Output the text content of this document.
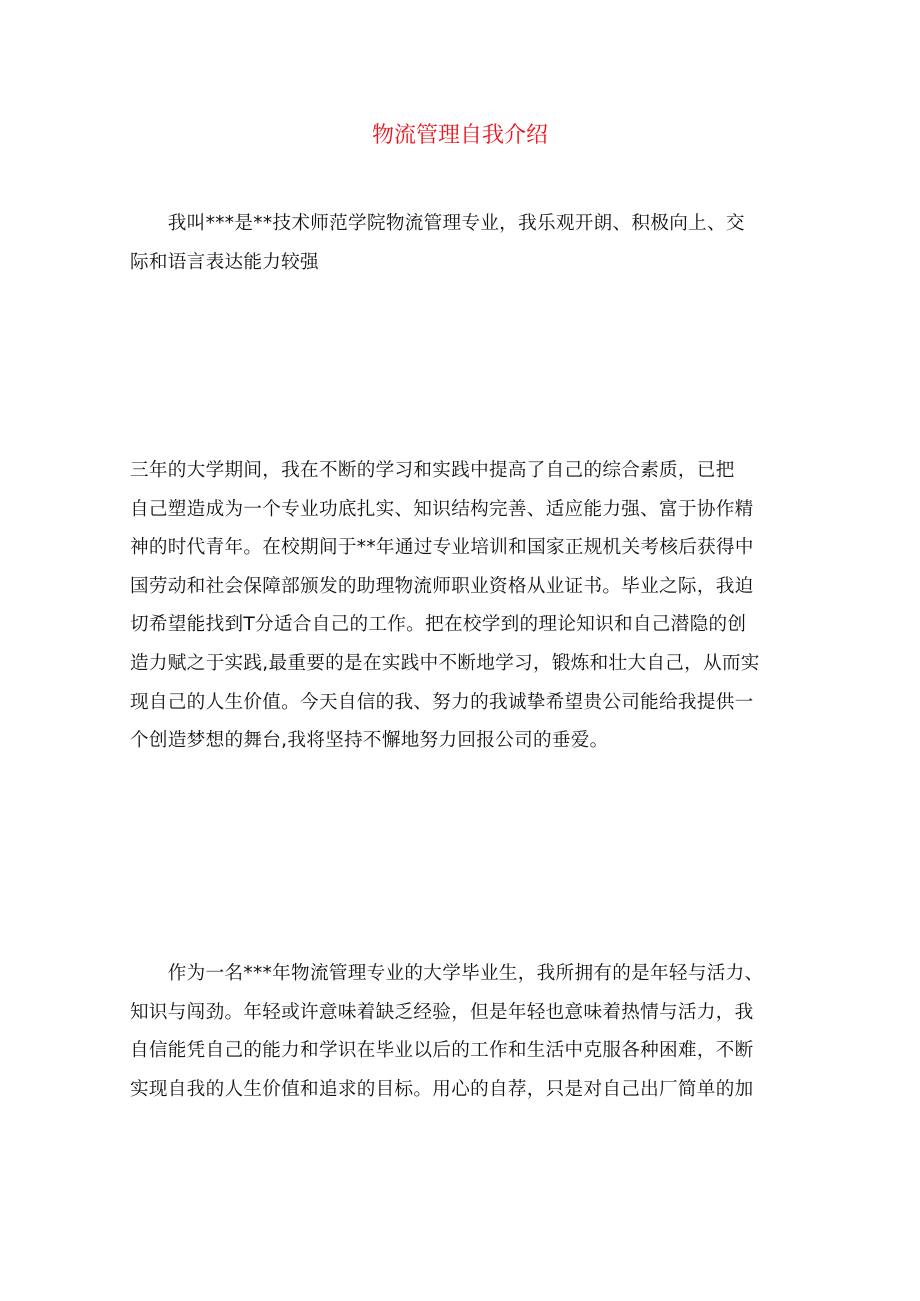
物流管理自我介绍

　　我叫***是**技术师范学院物流管理专业，我乐观开朗、积极向上、交
际和语言表达能力较强

三年的大学期间，我在不断的学习和实践中提高了自己的综合素质，已把
自己塑造成为一个专业功底扎实、知识结构完善、适应能力强、富于协作精
神的时代青年。在校期间于**年通过专业培训和国家正规机关考核后获得中
国劳动和社会保障部颁发的助理物流师职业资格从业证书。毕业之际，我迫
切希望能找到T分适合自己的工作。把在校学到的理论知识和自己潜隐的创
造力赋之于实践,最重要的是在实践中不断地学习，锻炼和壮大自己，从而实
现自己的人生价值。今天自信的我、努力的我诚挚希望贵公司能给我提供一
个创造梦想的舞台,我将坚持不懈地努力回报公司的垂爱。

　　作为一名***年物流管理专业的大学毕业生，我所拥有的是年轻与活力、
知识与闯劲。年轻或许意味着缺乏经验，但是年轻也意味着热情与活力，我
自信能凭自己的能力和学识在毕业以后的工作和生活中克服各种困难，不断
实现自我的人生价值和追求的目标。用心的自荐，只是对自己出厂简单的加
